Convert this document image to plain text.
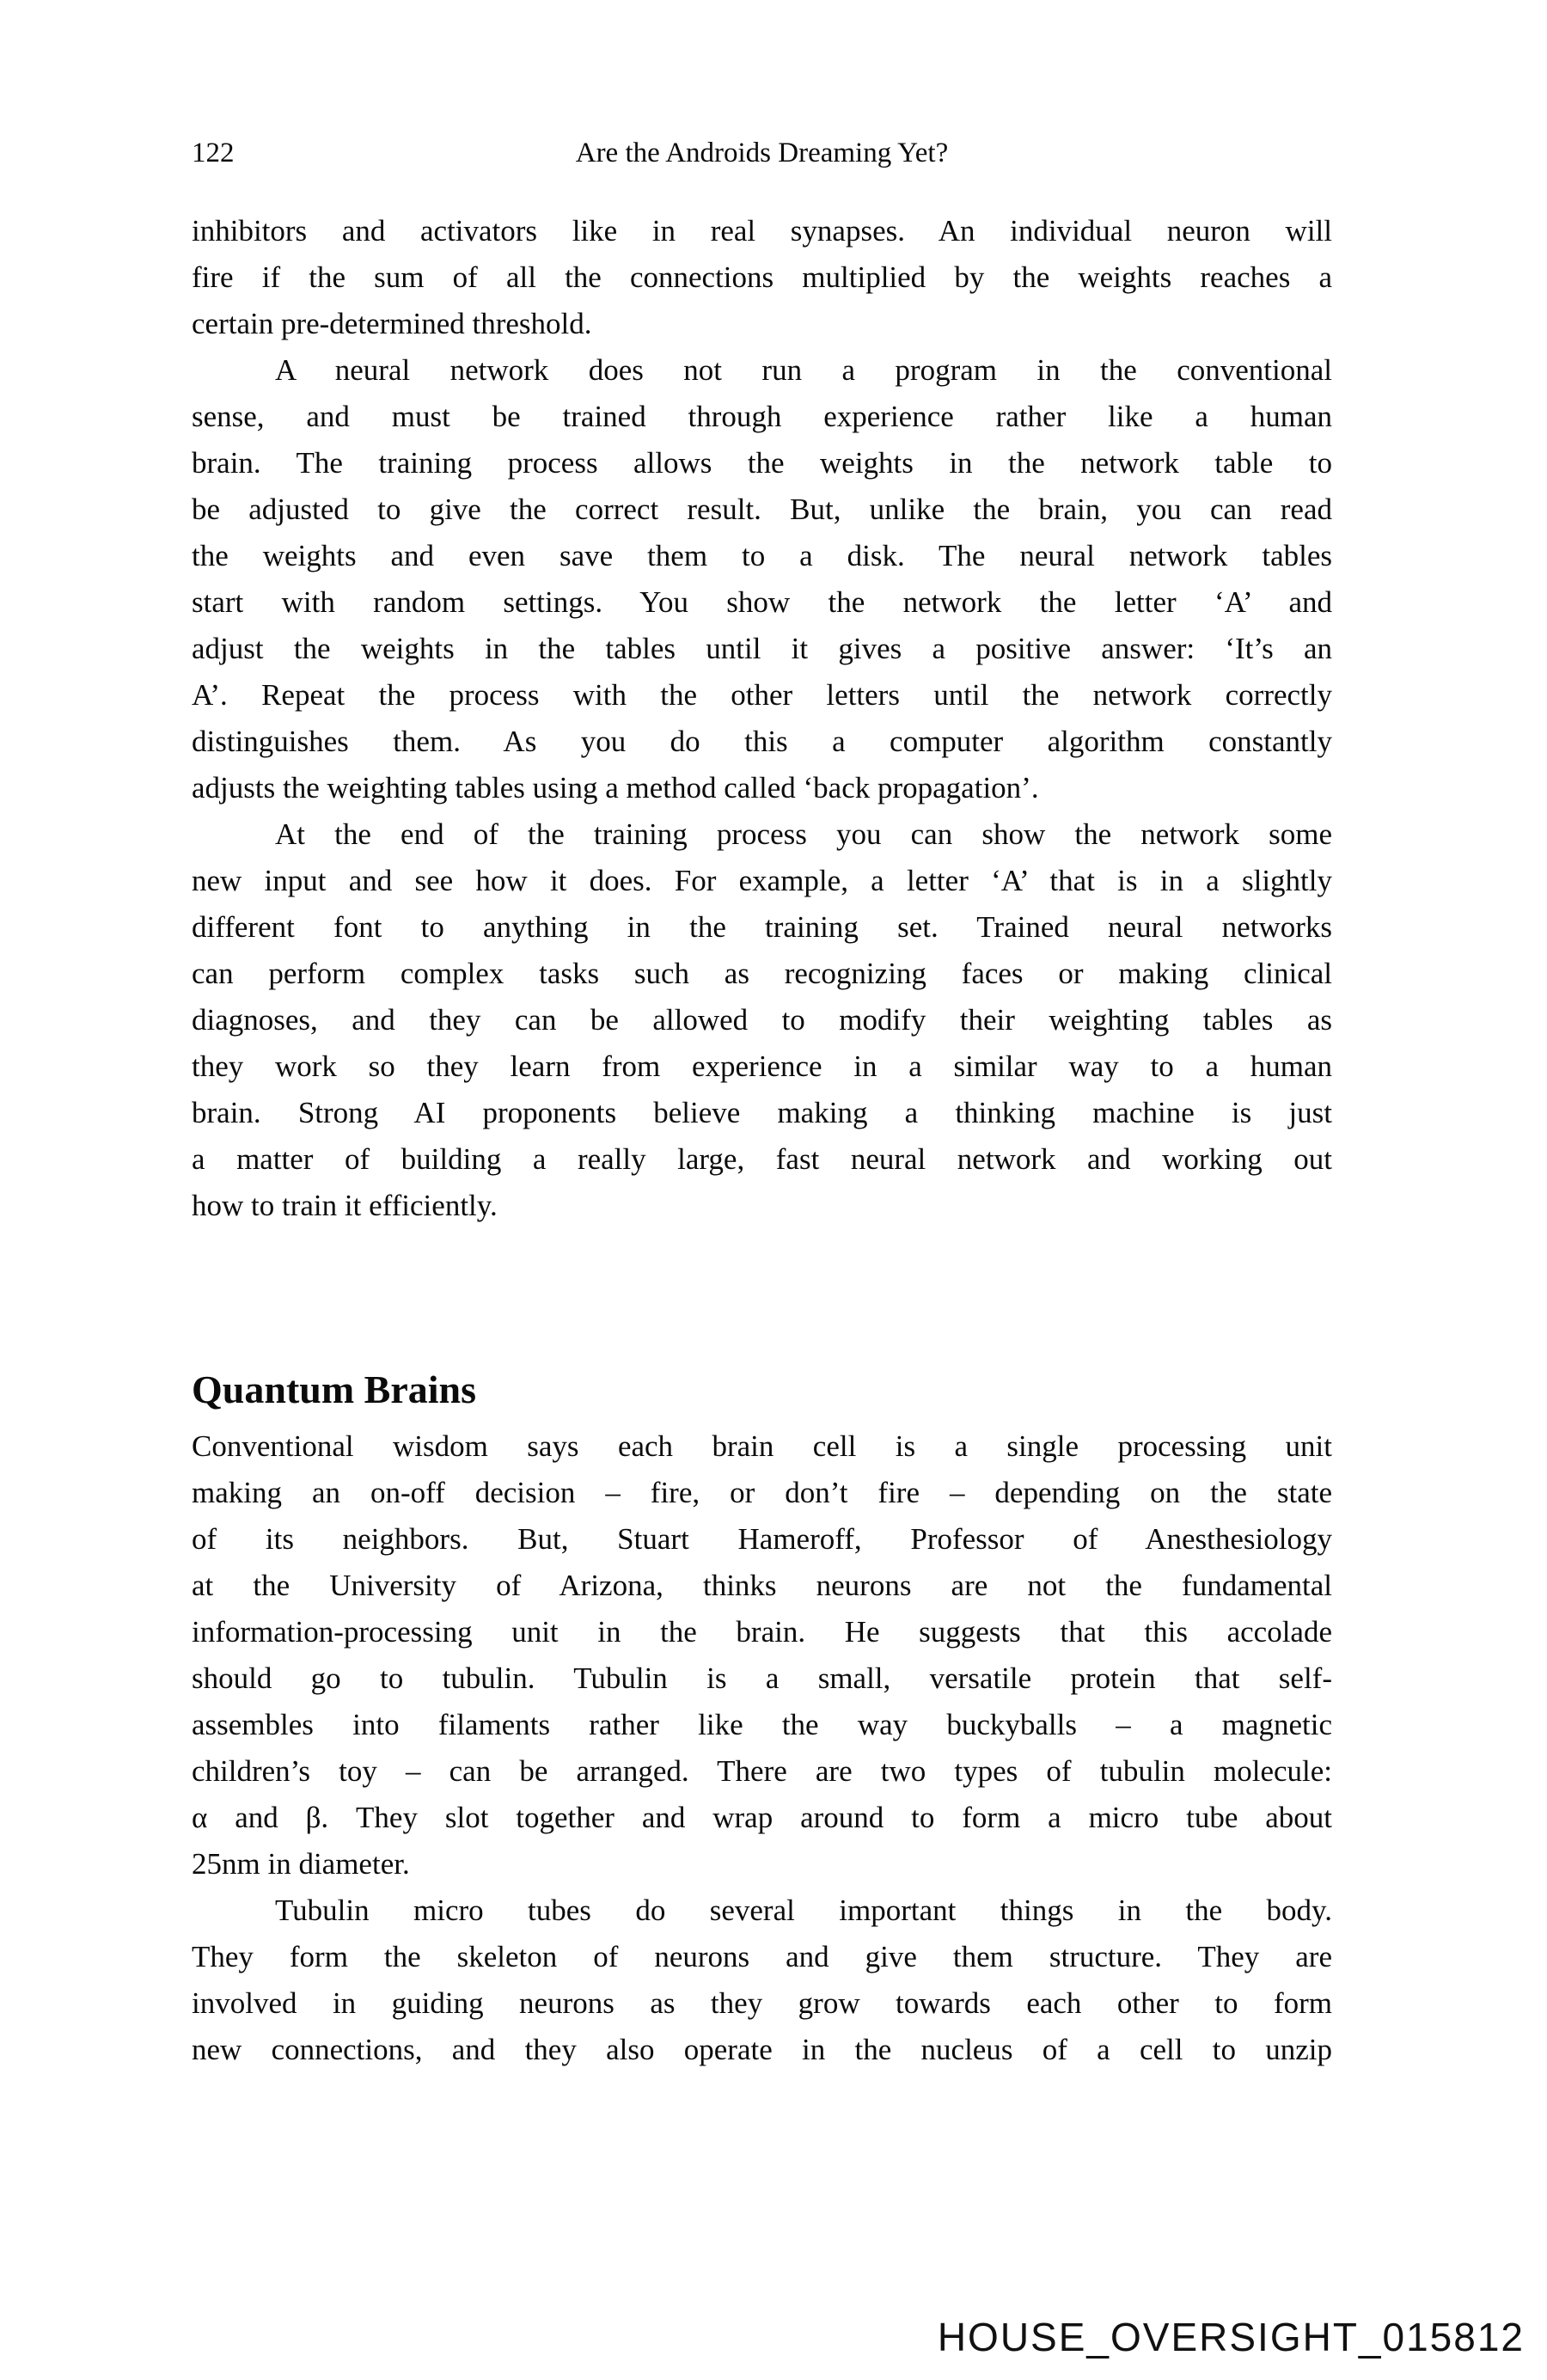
122	Are the Androids Dreaming Yet?
inhibitors and activators like in real synapses. An individual neuron will
fire if the sum of all the connections multiplied by the weights reaches a
certain pre-determined threshold.
A neural network does not run a program in the conventional
sense, and must be trained through experience rather like a human
brain. The training process allows the weights in the network table to
be adjusted to give the correct result. But, unlike the brain, you can read
the weights and even save them to a disk. The neural network tables
start with random settings. You show the network the letter ‘A’ and
adjust the weights in the tables until it gives a positive answer: ‘It’s an
A’. Repeat the process with the other letters until the network correctly
distinguishes them. As you do this a computer algorithm constantly
adjusts the weighting tables using a method called ‘back propagation’.
At the end of the training process you can show the network some
new input and see how it does. For example, a letter ‘A’ that is in a slightly
different font to anything in the training set. Trained neural networks
can perform complex tasks such as recognizing faces or making clinical
diagnoses, and they can be allowed to modify their weighting tables as
they work so they learn from experience in a similar way to a human
brain. Strong AI proponents believe making a thinking machine is just
a matter of building a really large, fast neural network and working out
how to train it efficiently.
Quantum Brains
Conventional wisdom says each brain cell is a single processing unit
making an on-off decision – fire, or don’t fire – depending on the state
of its neighbors. But, Stuart Hameroff, Professor of Anesthesiology
at the University of Arizona, thinks neurons are not the fundamental
information-processing unit in the brain. He suggests that this accolade
should go to tubulin. Tubulin is a small, versatile protein that self-
assembles into filaments rather like the way buckyballs – a magnetic
children’s toy – can be arranged. There are two types of tubulin molecule:
α and β. They slot together and wrap around to form a micro tube about
25nm in diameter.
Tubulin micro tubes do several important things in the body.
They form the skeleton of neurons and give them structure. They are
involved in guiding neurons as they grow towards each other to form
new connections, and they also operate in the nucleus of a cell to unzip
HOUSE_OVERSIGHT_015812
